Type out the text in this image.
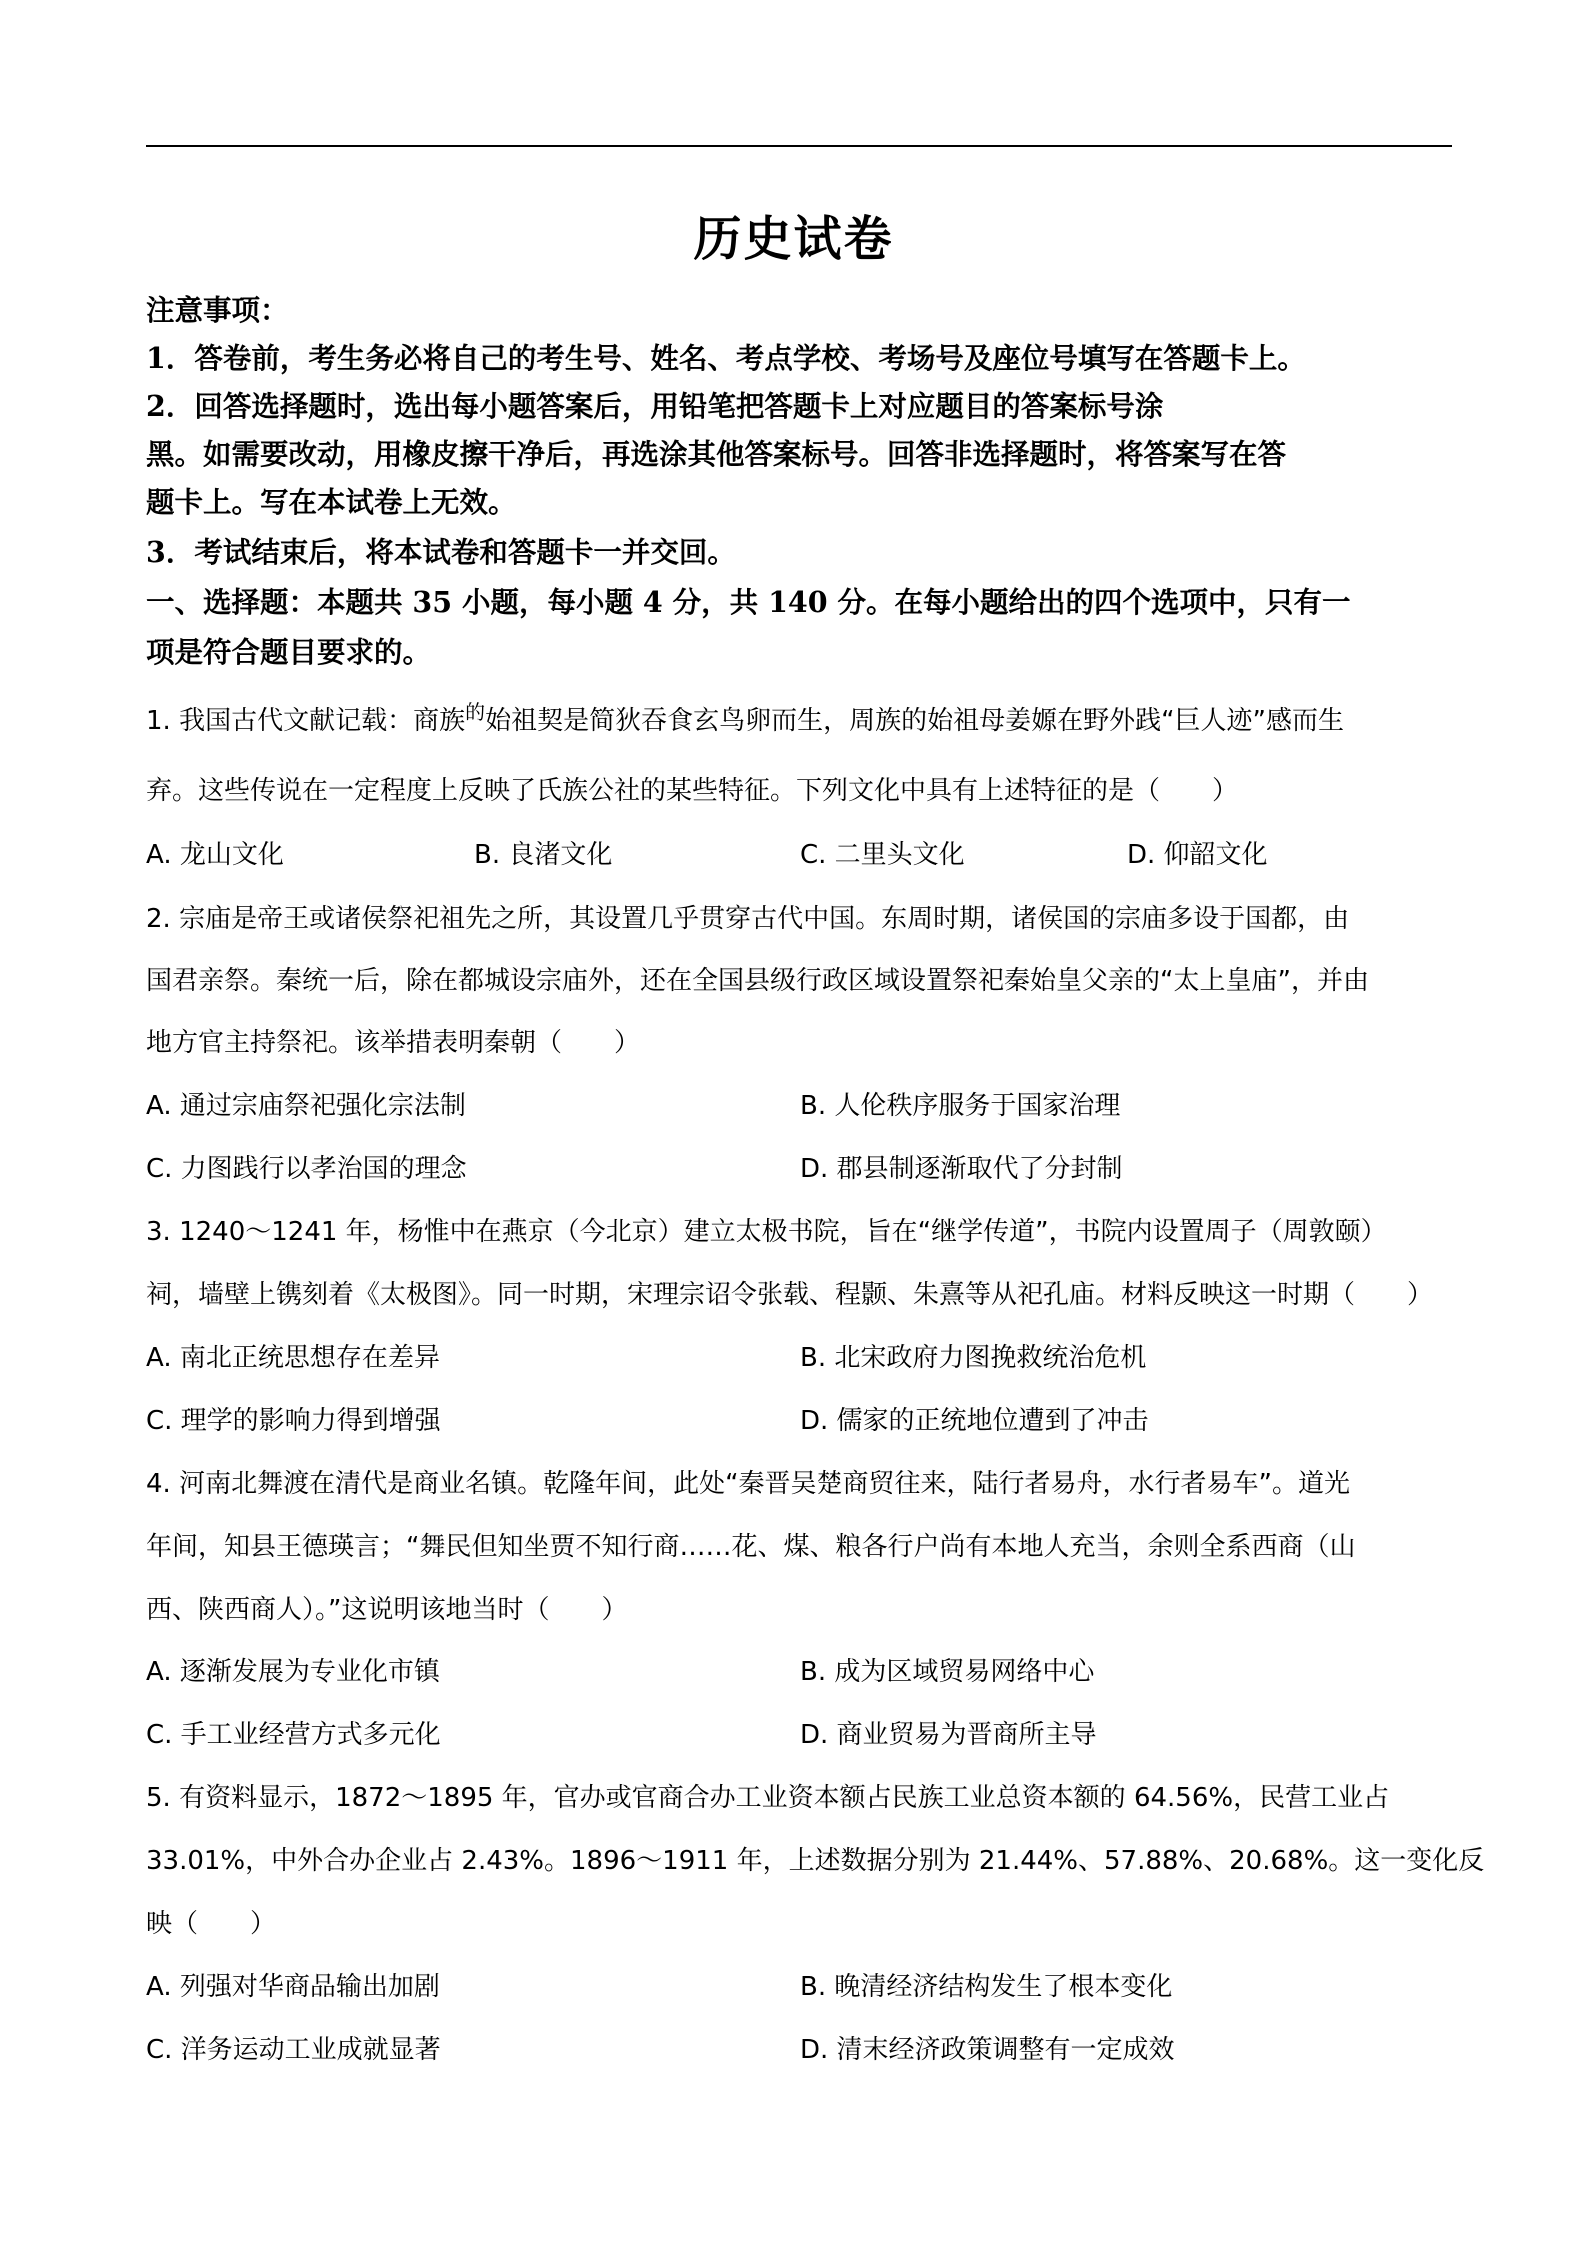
历史试卷
注意事项：
1．答卷前，考生务必将自己的考生号、姓名、考点学校、考场号及座位号填写在答题卡上。
2．回答选择题时，选出每小题答案后，用铅笔把答题卡上对应题目的答案标号涂
黑。如需要改动，用橡皮擦干净后，再选涂其他答案标号。回答非选择题时，将答案写在答
题卡上。写在本试卷上无效。
3．考试结束后，将本试卷和答题卡一并交回。
一、选择题：本题共 35 小题，每小题 4 分，共 140 分。在每小题给出的四个选项中，只有一
项是符合题目要求的。
1. 我国古代文献记载：商族$^的$始祖契是简狄吞食玄鸟卵而生，周族的始祖母姜嫄在野外践“巨人迹”感而生
弃。这些传说在一定程度上反映了氏族公社的某些特征。下列文化中具有上述特征的是（　　）
A. 龙山文化	B. 良渚文化	C. 二里头文化	D. 仰韶文化
2. 宗庙是帝王或诸侯祭祀祖先之所，其设置几乎贯穿古代中国。东周时期，诸侯国的宗庙多设于国都，由
国君亲祭。秦统一后，除在都城设宗庙外，还在全国县级行政区域设置祭祀秦始皇父亲的“太上皇庙”，并由
地方官主持祭祀。该举措表明秦朝（　　）
A. 通过宗庙祭祀强化宗法制	B. 人伦秩序服务于国家治理
C. 力图践行以孝治国的理念	D. 郡县制逐渐取代了分封制
3. 1240～1241 年，杨惟中在燕京（今北京）建立太极书院，旨在“继学传道”，书院内设置周子（周敦颐）
祠，墙壁上镌刻着《太极图》。同一时期，宋理宗诏令张载、程颢、朱熹等从祀孔庙。材料反映这一时期（　　）
A. 南北正统思想存在差异	B. 北宋政府力图挽救统治危机
C. 理学的影响力得到增强	D. 儒家的正统地位遭到了冲击
4. 河南北舞渡在清代是商业名镇。乾隆年间，此处“秦晋吴楚商贸往来，陆行者易舟，水行者易车”。道光
年间，知县王德瑛言；“舞民但知坐贾不知行商……花、煤、粮各行户尚有本地人充当，余则全系西商（山
西、陕西商人）。”这说明该地当时（　　）
A. 逐渐发展为专业化市镇	B. 成为区域贸易网络中心
C. 手工业经营方式多元化	D. 商业贸易为晋商所主导
5. 有资料显示，1872～1895 年，官办或官商合办工业资本额占民族工业总资本额的 64.56%，民营工业占
33.01%，中外合办企业占 2.43%。1896～1911 年，上述数据分别为 21.44%、57.88%、20.68%。这一变化反
映（　　）
A. 列强对华商品输出加剧	B. 晚清经济结构发生了根本变化
C. 洋务运动工业成就显著	D. 清末经济政策调整有一定成效
